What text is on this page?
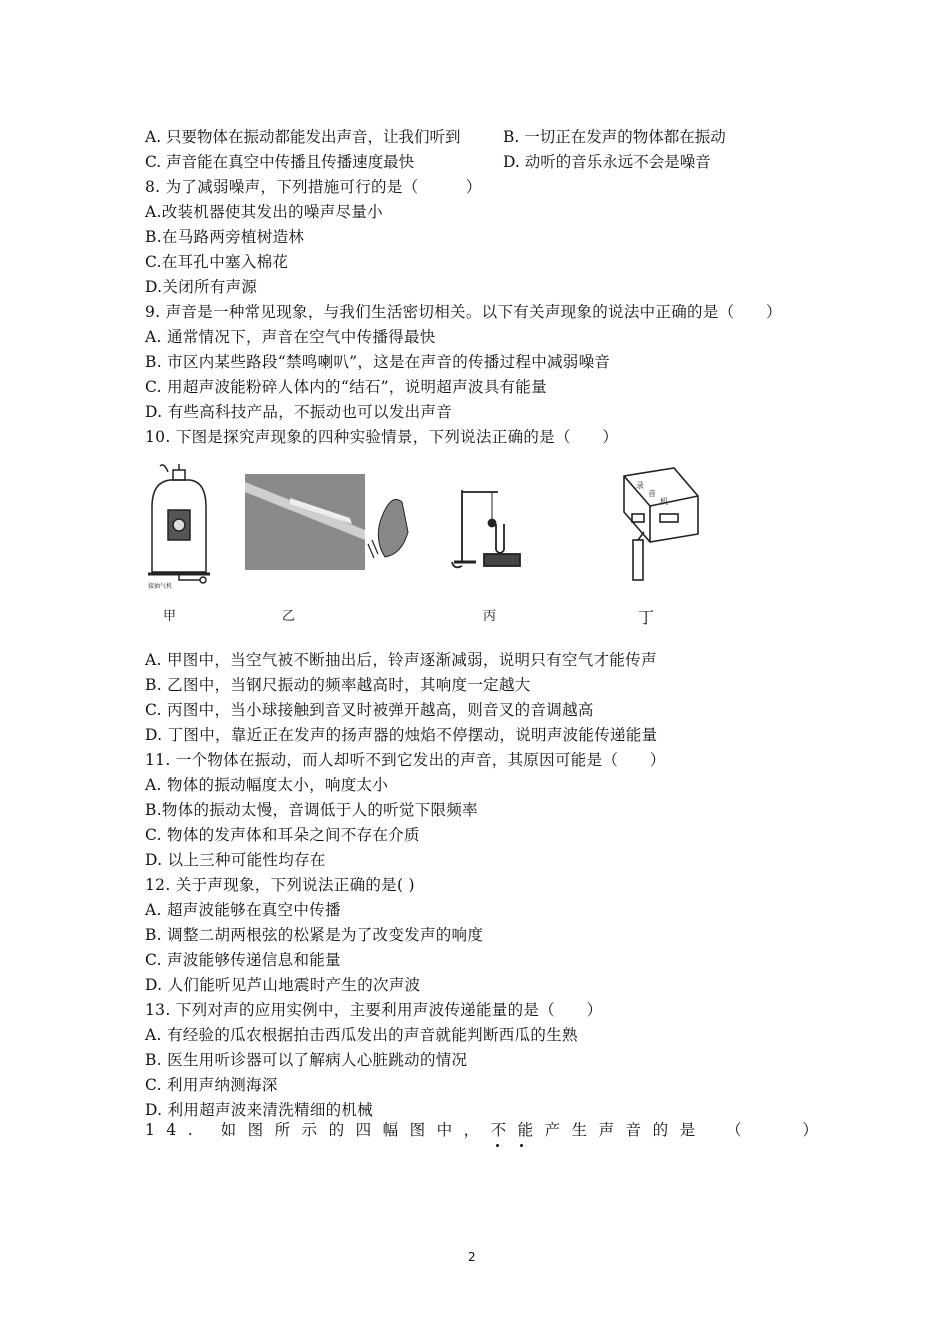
A. 只要物体在振动都能发出声音，让我们听到	B. 一切正在发声的物体都在振动
C. 声音能在真空中传播且传播速度最快	D. 动听的音乐永远不会是噪音
8. 为了减弱噪声，下列措施可行的是（　　　）
A.改装机器使其发出的噪声尽量小
B.在马路两旁植树造林
C.在耳孔中塞入棉花
D.关闭所有声源
9. 声音是一种常见现象，与我们生活密切相关。以下有关声现象的说法中正确的是（　　）
A. 通常情况下，声音在空气中传播得最快
B. 市区内某些路段“禁鸣喇叭”，这是在声音的传播过程中减弱噪音
C. 用超声波能粉碎人体内的“结石”，说明超声波具有能量
D. 有些高科技产品，不振动也可以发出声音
10. 下图是探究声现象的四种实验情景，下列说法正确的是（　　）
接抽气机
录
音
机
甲	乙	丙	丁
A. 甲图中，当空气被不断抽出后，铃声逐渐减弱，说明只有空气才能传声
B. 乙图中，当钢尺振动的频率越高时，其响度一定越大
C. 丙图中，当小球接触到音叉时被弹开越高，则音叉的音调越高
D. 丁图中，靠近正在发声的扬声器的烛焰不停摆动，说明声波能传递能量
11. 一个物体在振动，而人却听不到它发出的声音，其原因可能是（　　）
A. 物体的振动幅度太小，响度太小
B.物体的振动太慢，音调低于人的听觉下限频率
C. 物体的发声体和耳朵之间不存在介质
D. 以上三种可能性均存在
12. 关于声现象，下列说法正确的是( )
A. 超声波能够在真空中传播
B. 调整二胡两根弦的松紧是为了改变发声的响度
C. 声波能够传递信息和能量
D. 人们能听见芦山地震时产生的次声波
13. 下列对声的应用实例中，主要利用声波传递能量的是（　　）
A. 有经验的瓜农根据拍击西瓜发出的声音就能判断西瓜的生熟
B. 医生用听诊器可以了解病人心脏跳动的情况
C. 利用声纳测海深
D. 利用超声波来清洗精细的机械
14. 如图所示的四幅图中，不能产生声音的是 （ ）
2
